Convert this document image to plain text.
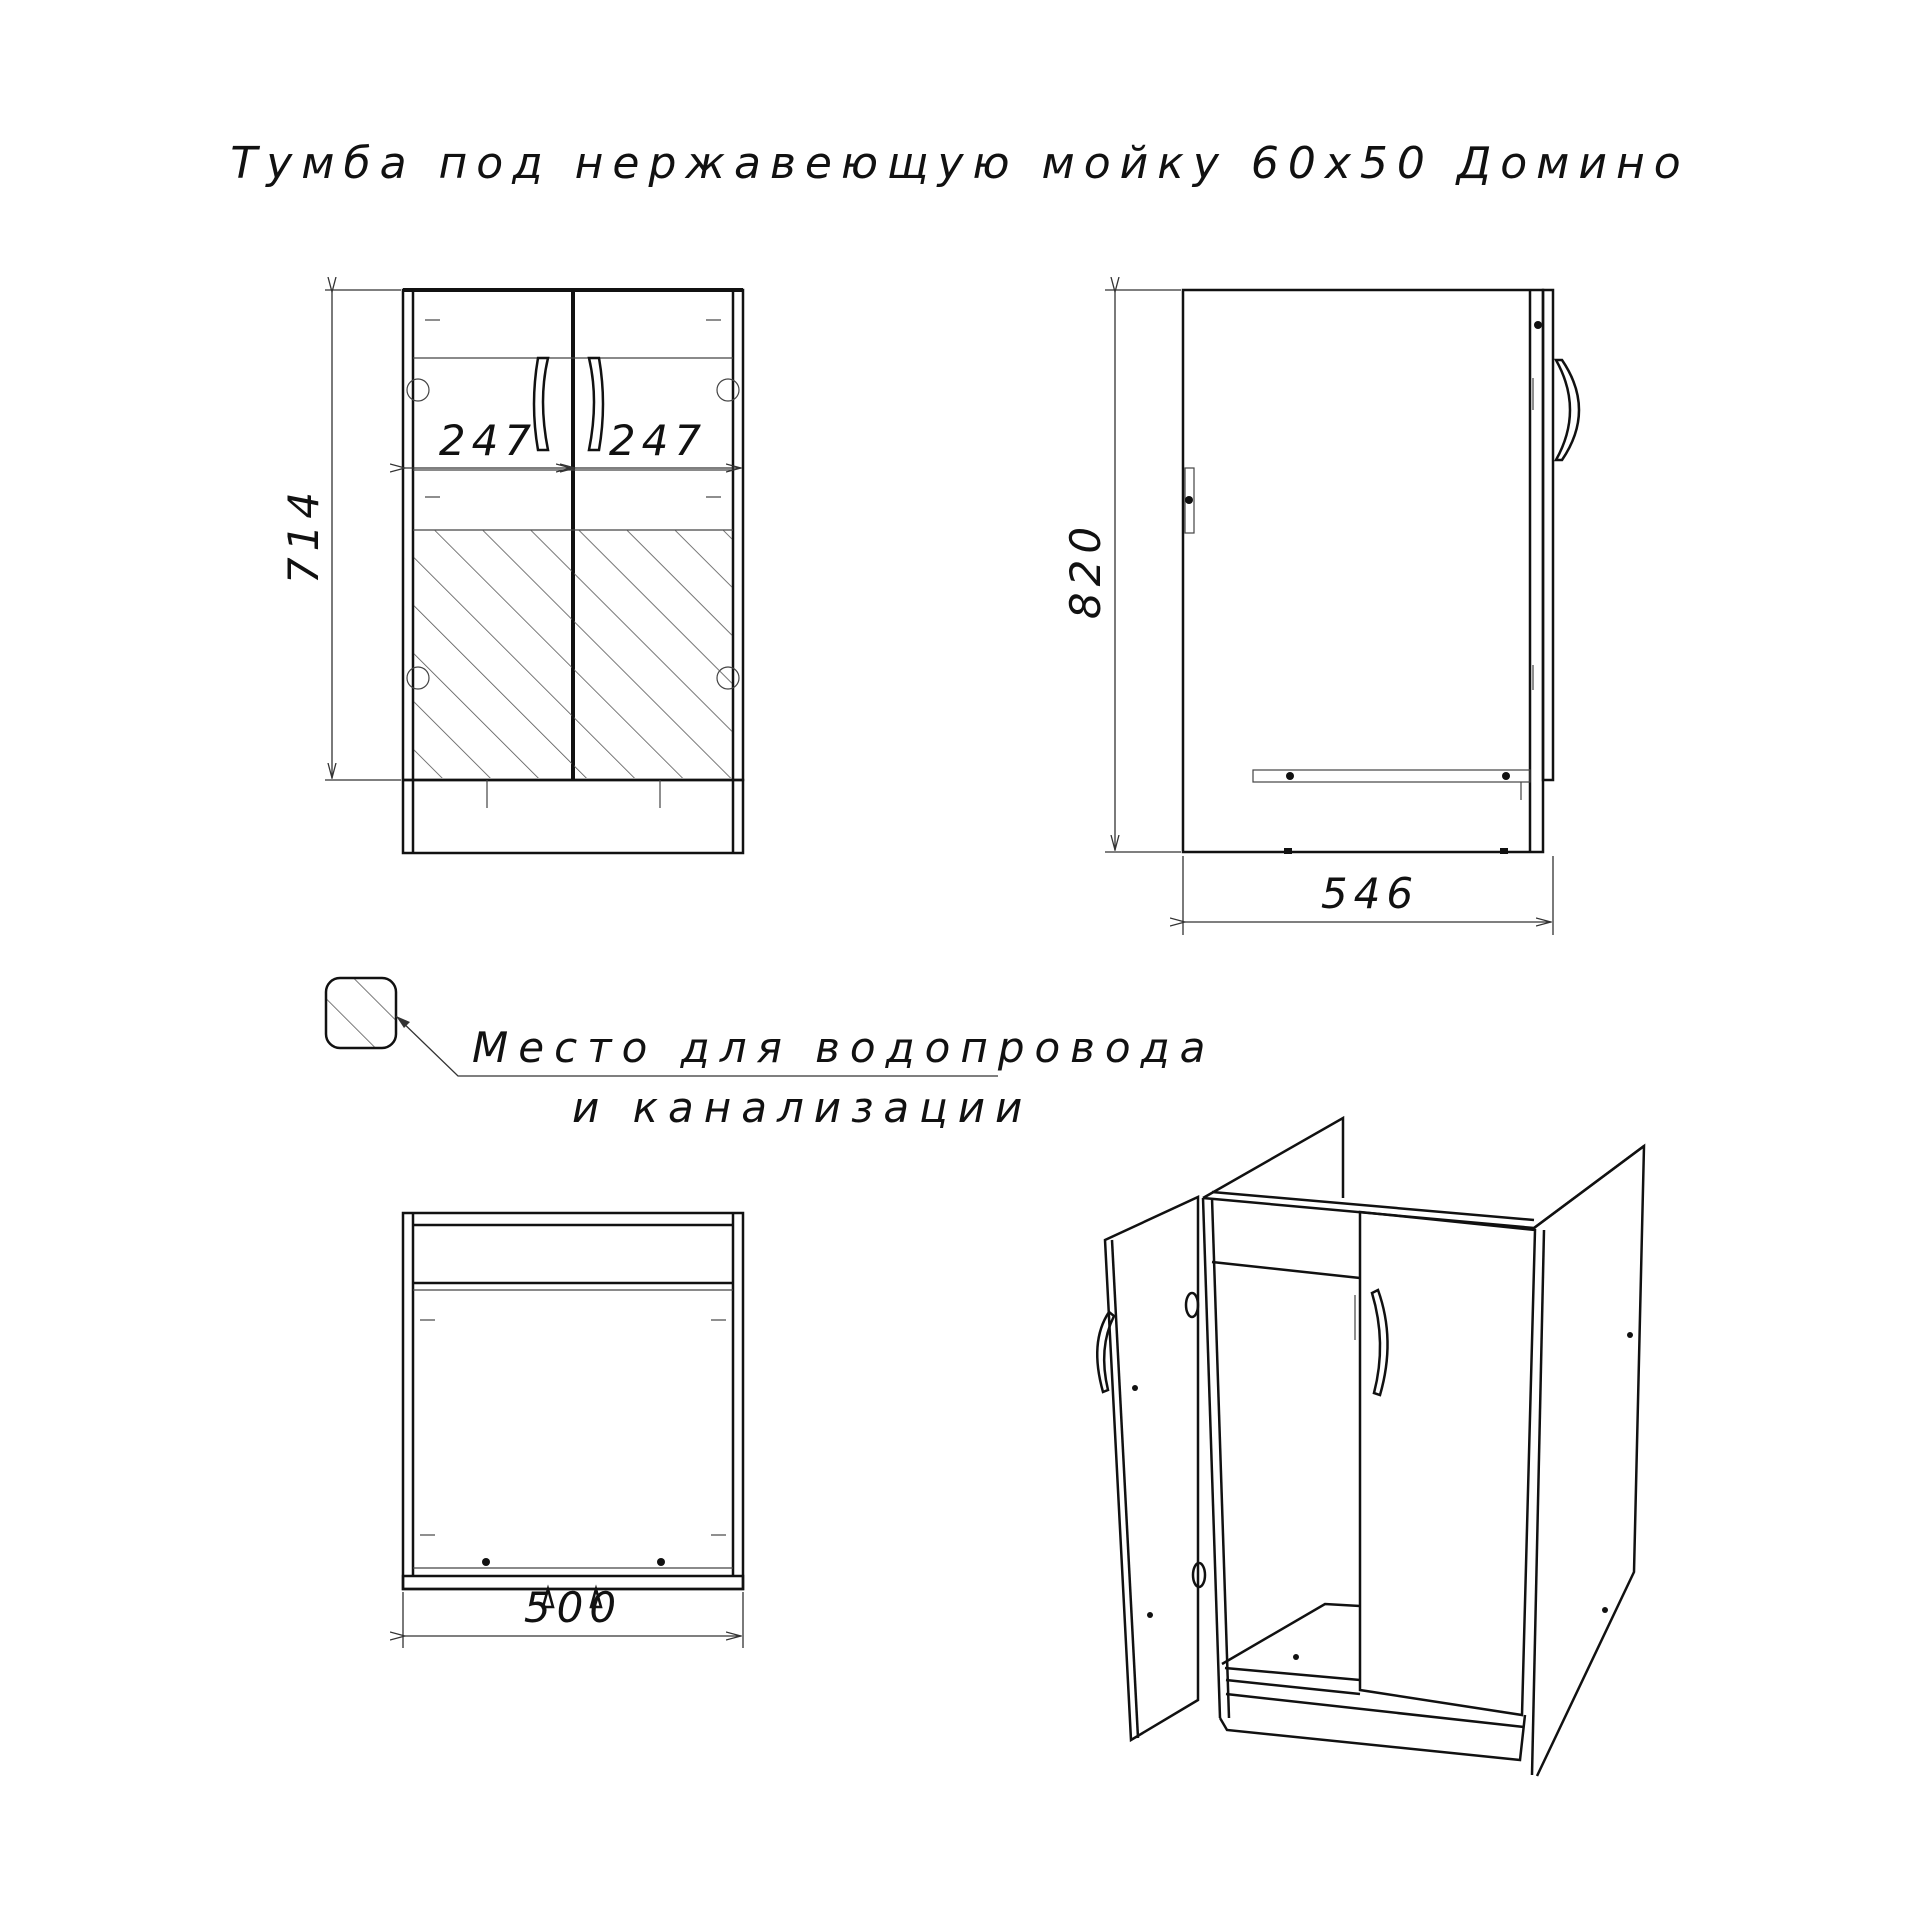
Тумба под нержавеющую мойку 60х50 Домино
247 247
714	820
546
Место для водопровода
и канализации
500
